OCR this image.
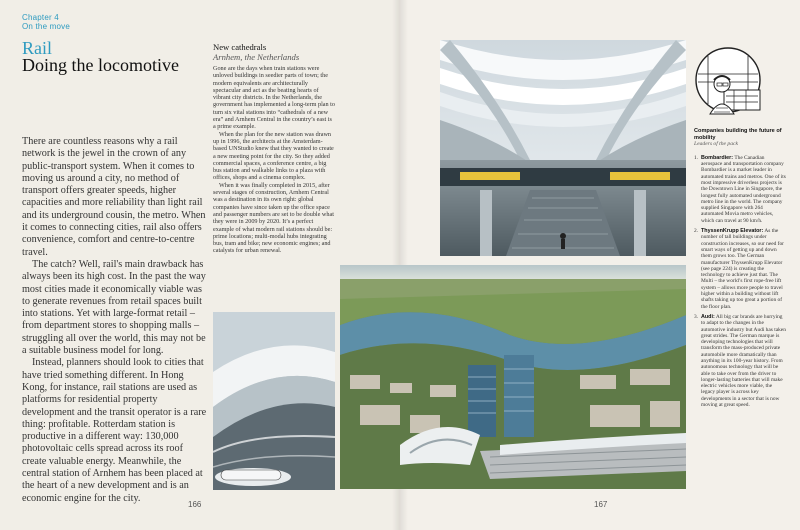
Chapter 4
On the move
Rail
Doing the locomotive

There are countless reasons why a rail network is the jewel in the crown of any public-transport system. When it comes to moving us around a city, no method of transport offers greater speeds, higher capacities and more reliability than light rail and its underground cousin, the metro. When it comes to connecting cities, rail also offers convenience, comfort and centre-to-centre travel.

The catch? Well, rail's main drawback has always been its high cost. In the past the way most cities made it economically viable was to generate revenues from retail spaces built into stations. Yet with large-format retail – from department stores to shopping malls – struggling all over the world, this may not be a suitable business model for long.

Instead, planners should look to cities that have tried something different. In Hong Kong, for instance, rail stations are used as platforms for residential property development and the transit operator is a rare thing: profitable. Rotterdam station is productive in a different way: 130,000 photovoltaic cells spread across its roof create valuable energy. Meanwhile, the central station of Arnhem has been placed at the heart of a new development and is an economic engine for the city.

166	167
New cathedrals
Arnhem, the Netherlands

Gone are the days when train stations were unloved buildings in seedier parts of town; the modern equivalents are architecturally spectacular and act as the beating hearts of vibrant city districts. In the Netherlands, the government has implemented a long-term plan to turn six vital stations into “cathedrals of a new era” and Arnhem Central in the country’s east is a prime example.

When the plan for the new station was drawn up in 1996, the architects at the Amsterdam-based UNStudio knew that they wanted to create a new meeting point for the city. So they added commercial spaces, a conference centre, a big bus station and walkable links to a plaza with offices, shops and a cinema complex.

When it was finally completed in 2015, after several stages of construction, Arnhem Central was a destination in its own right: global companies have since taken up the office space and passenger numbers are set to be double what they were in 2009 by 2020. It’s a perfect example of what modern rail stations should be: prime locations; multi-modal hubs integrating bus, tram and bike; new economic engines; and catalysts for urban renewal.

Companies building the future of mobility
Leaders of the pack
1. Bombardier: The Canadian aerospace and transportation company Bombardier is a market leader in automated trains and metros. One of its most impressive driverless projects is the Downtown Line in Singapore, the longest fully automated underground metro line in the world. The company supplied Singapore with 264 automated Movia metro vehicles, which can travel at 90 km/h.
2. ThyssenKrupp Elevator: As the number of tall buildings under construction increases, so our need for smart ways of getting up and down them grows too. The German manufacturer ThyssenKrupp Elevator (see page 224) is creating the technology to achieve just that. The Multi – the world’s first rope-free lift system – allows more people to travel higher within a building without lift shafts taking up too great a portion of the floor plan.
3. Audi: All big car brands are hurrying to adapt to the changes in the automotive industry but Audi has taken great strides. The German marque is developing technologies that will transform the mass-produced private automobile more dramatically than anything in its 100-year history. From autonomous technology that will be able to take over from the driver to longer-lasting batteries that will make electric vehicles more viable, the legacy player is across key developments in a sector that is now moving at great speed.
